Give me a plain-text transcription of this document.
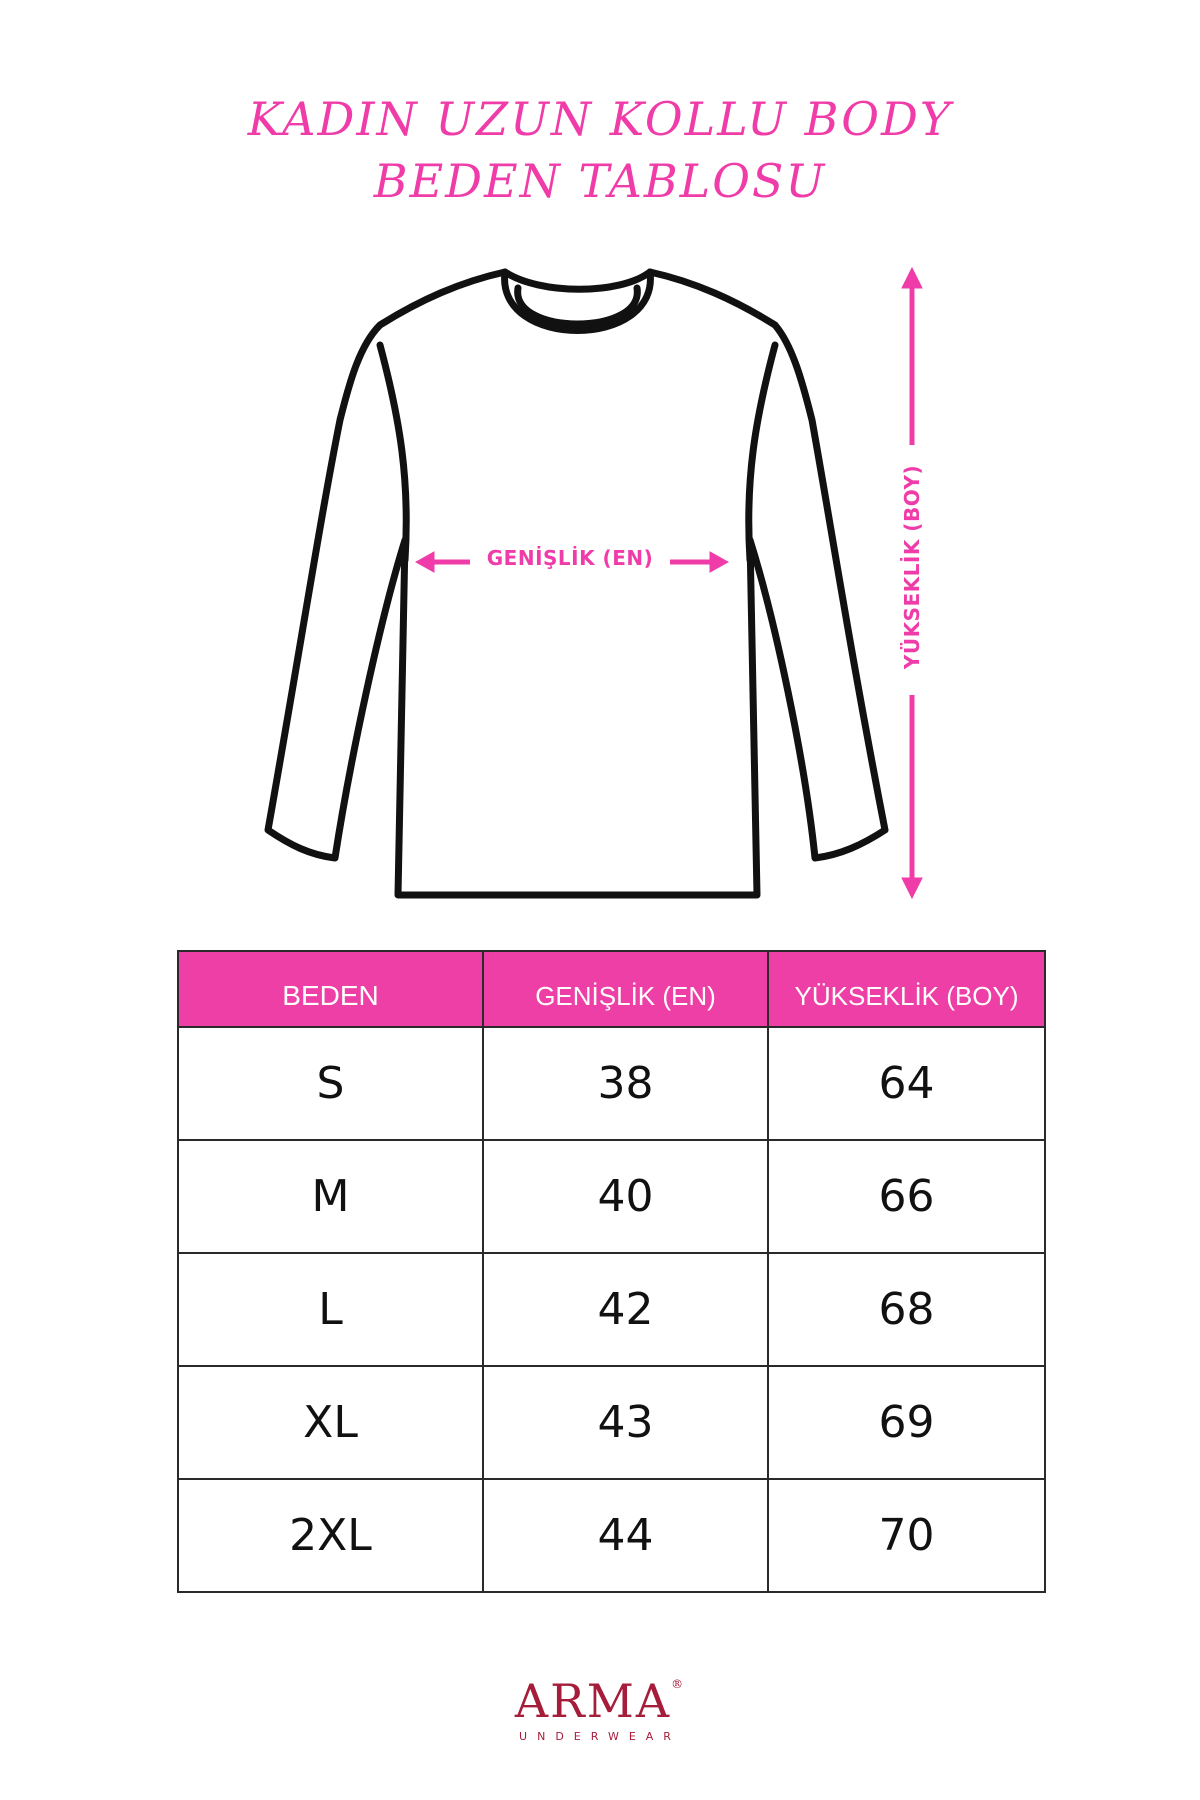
KADIN UZUN KOLLU BODY
BEDEN TABLOSU
GENİŞLİK (EN)	YÜKSEKLİK (BOY)
BEDEN	GENİŞLİK (EN)	YÜKSEKLİK (BOY)
S	38	64
M	40	66
L	42	68
XL	43	69
2XL	44	70
ARMA®
UNDERWEAR
